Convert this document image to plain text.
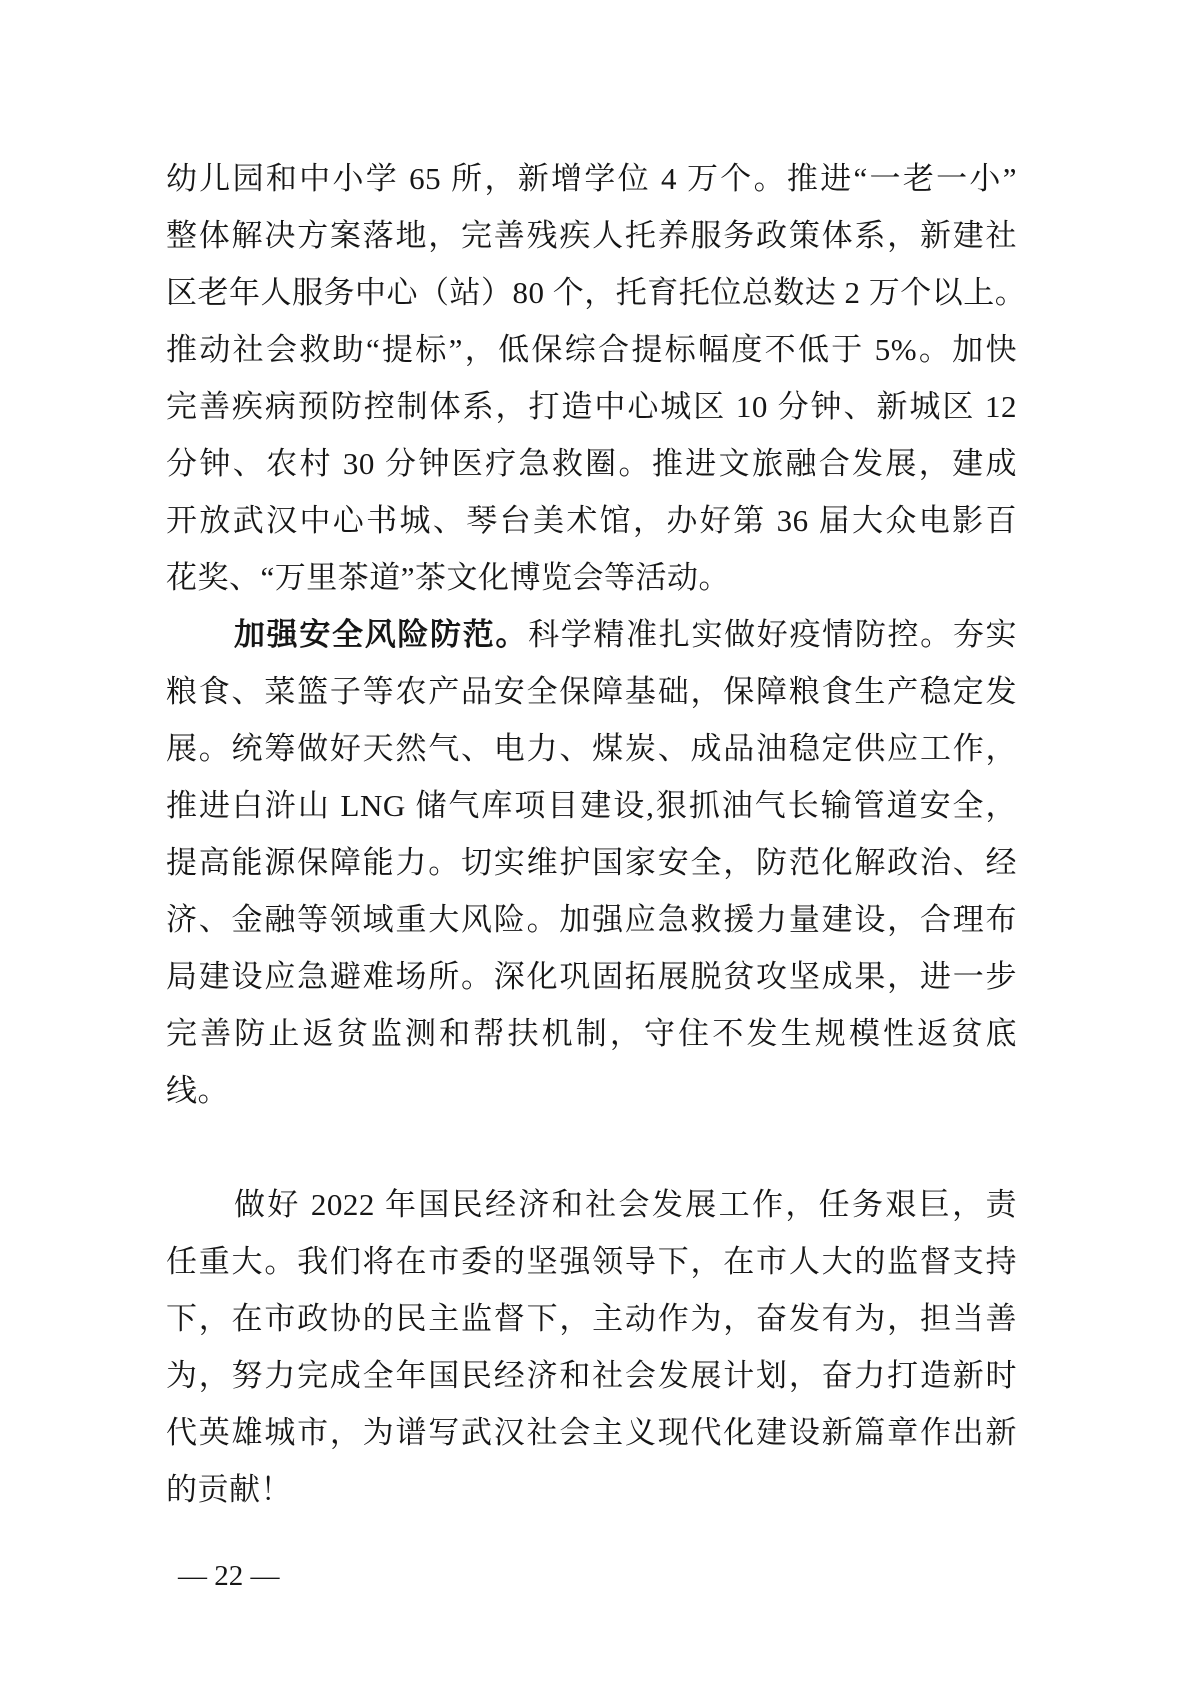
幼儿园和中小学 65 所，新增学位 4 万个。推进“一老一小”
整体解决方案落地，完善残疾人托养服务政策体系，新建社
区老年人服务中心（站）80 个，托育托位总数达 2 万个以上。
推动社会救助“提标”，低保综合提标幅度不低于 5%。加快
完善疾病预防控制体系，打造中心城区 10 分钟、新城区 12
分钟、农村 30 分钟医疗急救圈。推进文旅融合发展，建成
开放武汉中心书城、琴台美术馆，办好第 36 届大众电影百
花奖、“万里茶道”茶文化博览会等活动。
加强安全风险防范。科学精准扎实做好疫情防控。夯实
粮食、菜篮子等农产品安全保障基础，保障粮食生产稳定发
展。统筹做好天然气、电力、煤炭、成品油稳定供应工作，
推进白浒山 LNG 储气库项目建设,狠抓油气长输管道安全，
提高能源保障能力。切实维护国家安全，防范化解政治、经
济、金融等领域重大风险。加强应急救援力量建设，合理布
局建设应急避难场所。深化巩固拓展脱贫攻坚成果，进一步
完善防止返贫监测和帮扶机制，守住不发生规模性返贫底
线。
做好 2022 年国民经济和社会发展工作，任务艰巨，责
任重大。我们将在市委的坚强领导下，在市人大的监督支持
下，在市政协的民主监督下，主动作为，奋发有为，担当善
为，努力完成全年国民经济和社会发展计划，奋力打造新时
代英雄城市，为谱写武汉社会主义现代化建设新篇章作出新
的贡献！
— 22 —
